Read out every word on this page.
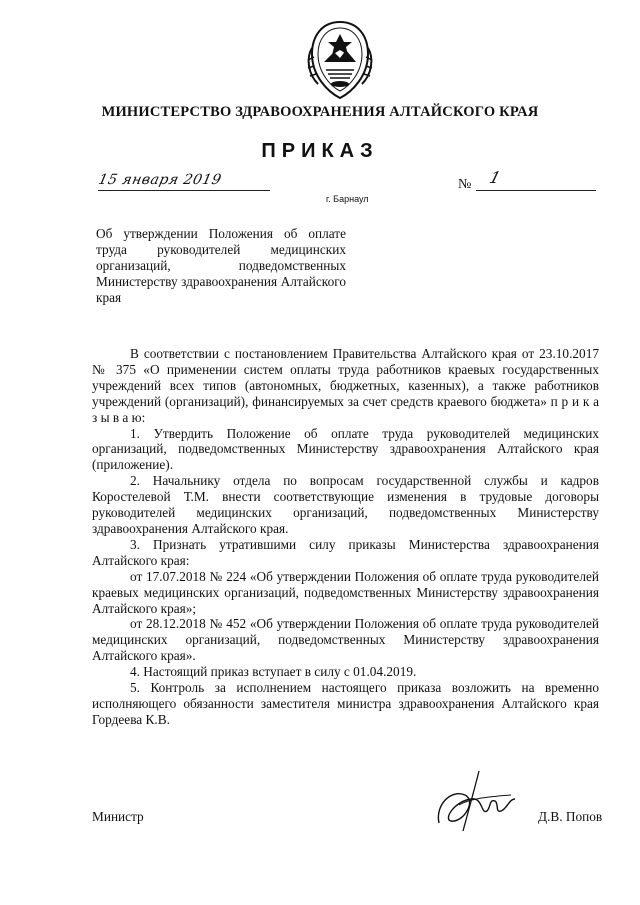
МИНИСТЕРСТВО ЗДРАВООХРАНЕНИЯ АЛТАЙСКОГО КРАЯ
ПРИКАЗ
15 января 2019
г. Барнаул
№ 1
Об утверждении Положения об оплате труда руководителей медицинских организаций, подведомственных Министерству здравоохранения Алтайского края

В соответствии с постановлением Правительства Алтайского края от 23.10.2017 № 375 «О применении систем оплаты труда работников краевых государственных учреждений всех типов (автономных, бюджетных, казенных), а также работников учреждений (организаций), финансируемых за счет средств краевого бюджета» п р и к а з ы в а ю:

1. Утвердить Положение об оплате труда руководителей медицинских организаций, подведомственных Министерству здравоохранения Алтайского края (приложение).

2. Начальнику отдела по вопросам государственной службы и кадров Коростелевой Т.М. внести соответствующие изменения в трудовые договоры руководителей медицинских организаций, подведомственных Министерству здравоохранения Алтайского края.

3. Признать утратившими силу приказы Министерства здравоохранения Алтайского края:

от 17.07.2018 № 224 «Об утверждении Положения об оплате труда руководителей краевых медицинских организаций, подведомственных Министерству здравоохранения Алтайского края»;

от 28.12.2018 № 452 «Об утверждении Положения об оплате труда руководителей медицинских организаций, подведомственных Министерству здравоохранения Алтайского края».

4. Настоящий приказ вступает в силу с 01.04.2019.

5. Контроль за исполнением настоящего приказа возложить на временно исполняющего обязанности заместителя министра здравоохранения Алтайского края Гордеева К.В.

Министр	Д.В. Попов
